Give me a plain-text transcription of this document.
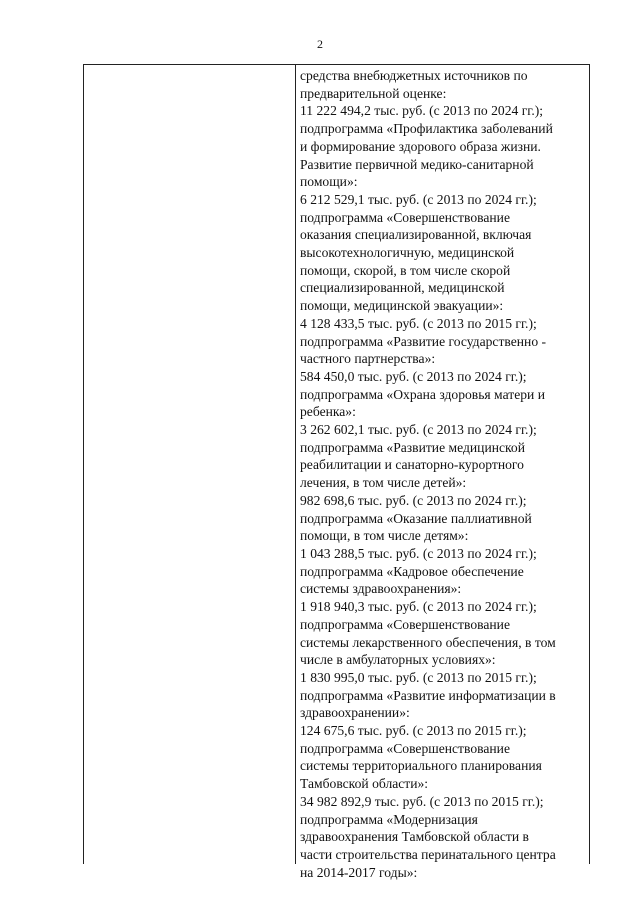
2
средства внебюджетных источников по
предварительной оценке:
11 222 494,2 тыс. руб. (с 2013 по 2024 гг.);
подпрограмма «Профилактика заболеваний
и формирование здорового образа жизни.
Развитие первичной медико-санитарной
помощи»:
6 212 529,1 тыс. руб. (с 2013 по 2024 гг.);
подпрограмма «Совершенствование
оказания специализированной, включая
высокотехнологичную, медицинской
помощи, скорой, в том числе скорой
специализированной, медицинской
помощи, медицинской эвакуации»:
4 128 433,5 тыс. руб. (с 2013 по 2015 гг.);
подпрограмма «Развитие государственно -
частного партнерства»:
584 450,0 тыс. руб. (с 2013 по 2024 гг.);
подпрограмма «Охрана здоровья матери и
ребенка»:
3 262 602,1 тыс. руб. (с 2013 по 2024 гг.);
подпрограмма «Развитие медицинской
реабилитации и санаторно-курортного
лечения, в том числе детей»:
982 698,6 тыс. руб. (с 2013 по 2024 гг.);
подпрограмма «Оказание паллиативной
помощи, в том числе детям»:
1 043 288,5 тыс. руб. (с 2013 по 2024 гг.);
подпрограмма «Кадровое обеспечение
системы здравоохранения»:
1 918 940,3 тыс. руб. (с 2013 по 2024 гг.);
подпрограмма «Совершенствование
системы лекарственного обеспечения, в том
числе в амбулаторных условиях»:
1 830 995,0 тыс. руб. (с 2013 по 2015 гг.);
подпрограмма «Развитие информатизации в
здравоохранении»:
124 675,6 тыс. руб. (с 2013 по 2015 гг.);
подпрограмма «Совершенствование
системы территориального планирования
Тамбовской области»:
34 982 892,9 тыс. руб. (с 2013 по 2015 гг.);
подпрограмма «Модернизация
здравоохранения Тамбовской области в
части строительства перинатального центра
на 2014-2017 годы»:
